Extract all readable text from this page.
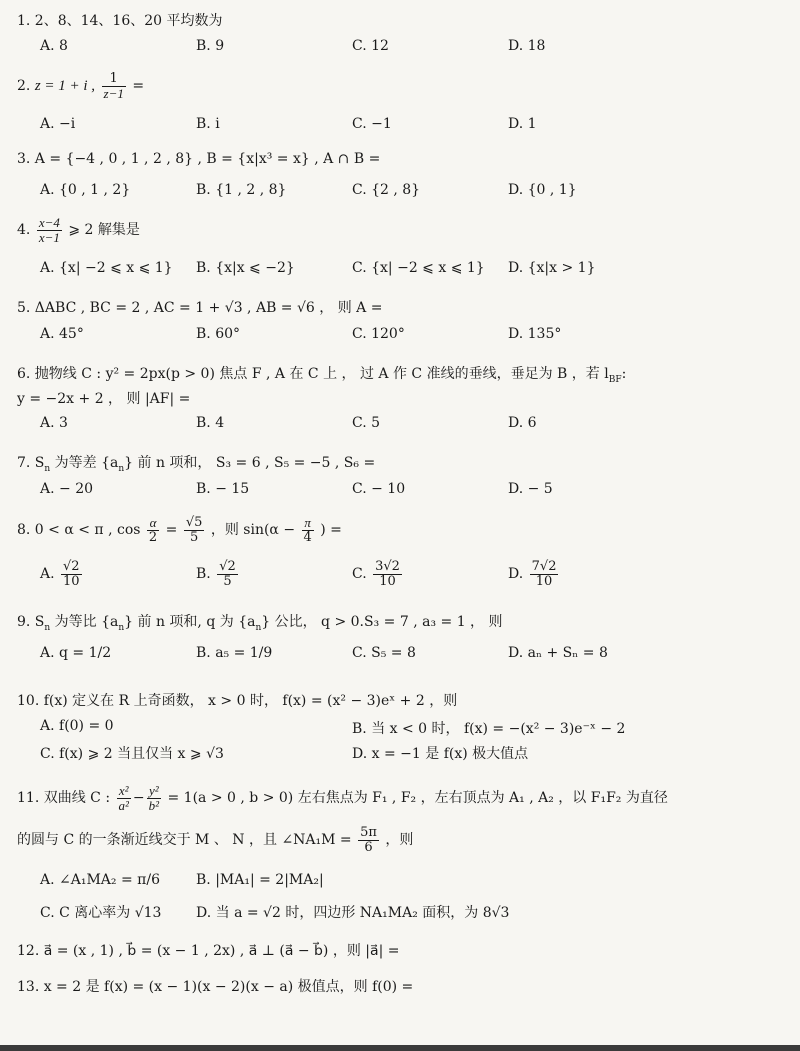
1. 2、8、14、16、20 平均数为
A. 8	B. 9	C. 12	D. 18
2. z = 1 + i , $\frac{1}{z-1}$ =
A. −i	B. i	C. −1	D. 1
3. A = {−4 , 0 , 1 , 2 , 8} , B = {x|x³ = x} , A ∩ B =
A. {0 , 1 , 2}	B. {1 , 2 , 8}	C. {2 , 8}	D. {0 , 1}
4. $\frac{x-4}{x-1}$ ⩾ 2 解集是
A. {x| −2 ⩽ x ⩽ 1} B. {x|x ⩽ −2}	C. {x| −2 ⩽ x ⩽ 1} D. {x|x > 1}
5. ΔABC , BC = 2 , AC = 1 + √3 , AB = √6 ， 则 A =
A. 45°	B. 60°	C. 120°	D. 135°
6. 抛物线 C : y² = 2px(p > 0) 焦点 F , A 在 C 上 ， 过 A 作 C 准线的垂线，垂足为 B ，若 $l_{BF}$:
y = −2x + 2 ， 则 |AF| =
A. 3	B. 4	C. 5	D. 6
7. $S_n$ 为等差 $\{a_n\}$ 前 n 项和， S₃ = 6 , S₅ = −5 , S₆ =
A. − 20	B. − 15	C. − 10	D. − 5
8. 0 < α < π , $\cos \frac{\alpha}{2} = \frac{√5}{5}$ ，则 $\sin(\alpha - \frac{\pi}{4}$ ) =
A. $\frac{√2}{10}$	B. $\frac{√2}{5}$	C. $\frac{3√2}{10}$	D. $\frac{7√2}{10}$
9. $S_n$ 为等比 $\{a_n\}$ 前 n 项和, q 为 $\{a_n\}$ 公比， q > 0.S₃ = 7 , a₃ = 1 ， 则
A. q = 1/2	B. a₅ = 1/9	C. S₅ = 8	D. aₙ + Sₙ = 8
10. f(x) 定义在 R 上奇函数， x > 0 时， f(x) = (x² − 3)eˣ + 2 ，则
A. f(0) = 0	B. 当 x < 0 时， f(x) = −(x² − 3)e⁻ˣ − 2
C. f(x) ⩾ 2 当且仅当 x ⩾ √3	D. x = −1 是 f(x) 极大值点
11. 双曲线 C : $\frac{\text{x²}}{\text{a²}} - \frac{\text{y²}}{\text{b²}} = 1(a > 0$ , b > 0) 左右焦点为 F₁ , F₂ ，左右顶点为 A₁ , A₂ ，以 F₁F₂ 为直径
的圆与 C 的一条渐近线交于 M 、 N ，且 ∠NA₁M = $\frac{5\pi}{6}$ ，则
A. ∠A₁MA₂ = π/6	B. |MA₁| = 2|MA₂|
C. C 离心率为 √13 D. 当 a = √2 时，四边形 NA₁MA₂ 面积，为 8√3
12. a⃗ = (x , 1) , b⃗ = (x − 1 , 2x) , a⃗ ⊥ (a⃗ − b⃗) ，则 |a⃗| =
13. x = 2 是 f(x) = (x − 1)(x − 2)(x − a) 极值点，则 f(0) =
